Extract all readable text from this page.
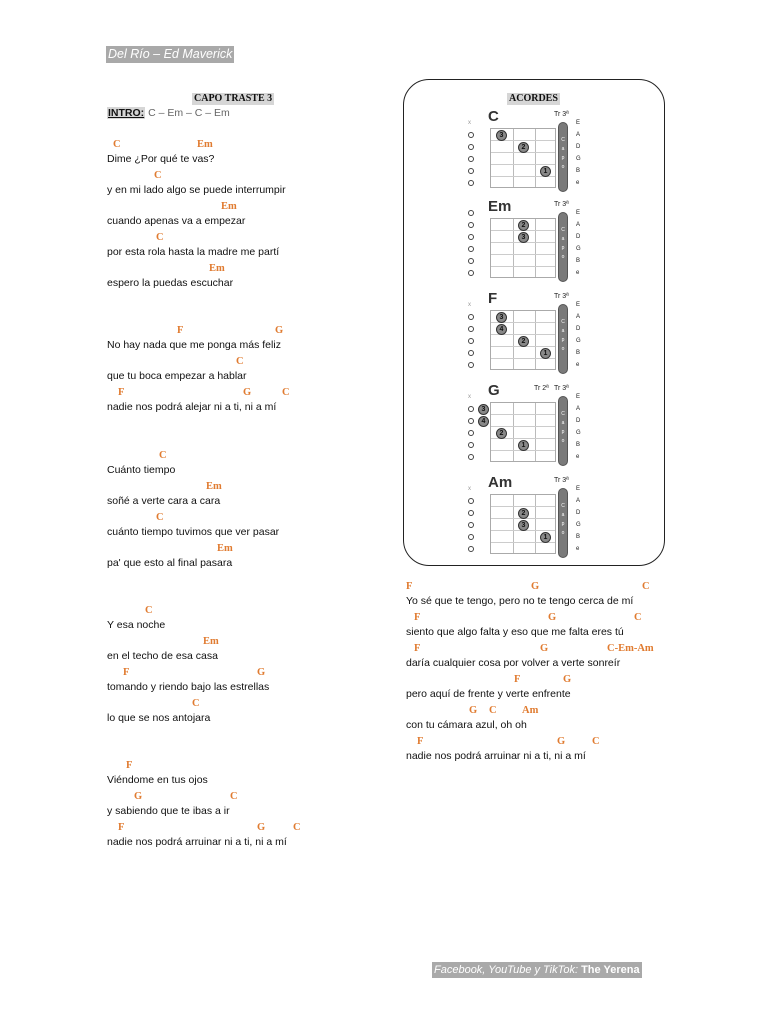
Del Río – Ed Maverick
CAPO TRASTE 3
INTRO: C – Em – C – Em
C	Em
Dime ¿Por qué te vas?
C
y en mi lado algo se puede interrumpir
Em
cuando apenas va a empezar
C
por esta rola hasta la madre me partí
Em
espero la puedas escuchar
F	G
No hay nada que me ponga más feliz
C
que tu boca empezar a hablar
F	G	C
nadie nos podrá alejar ni a ti, ni a mí
C
Cuánto tiempo
Em
soñé a verte cara a cara
C
cuánto tiempo tuvimos que ver pasar
Em
pa' que esto al final pasara
C
Y esa noche
Em
en el techo de esa casa
F	G
tomando y riendo bajo las estrellas
C
lo que se nos antojara
F
Viéndome en tus ojos
G	C
y sabiendo que te ibas a ir
F	G	C
nadie nos podrá arruinar ni a ti, ni a mí
F	G	C
Yo sé que te tengo, pero no te tengo cerca de mí
F	G	C
siento que algo falta y eso que me falta eres tú
F	G	C-Em-Am
daría cualquier cosa por volver a verte sonreír
F	G
pero aquí de frente y verte enfrente
G C Am
con tu cámara azul, oh oh
F	G	C
nadie nos podrá arruinar ni a ti, ni a mí
ACORDES
C	Tr 3ª
x
3
2
1
C
a
p
o
E
A
D
G
B
e
Em	Tr 3ª
2
3
C
a
p
o
E
A
D
G
B
e
F	Tr 3ª
x
3
4
2
1
C
a
p
o
E
A
D
G
B
e
G	Tr 2ª Tr 3ª
x
3
4
2
1
C
a
p
o
E
A
D
G
B
e
Am	Tr 3ª
x
2
3
1
C
a
p
o
E
A
D
G
B
e
Facebook, YouTube y TikTok: The Yerena
